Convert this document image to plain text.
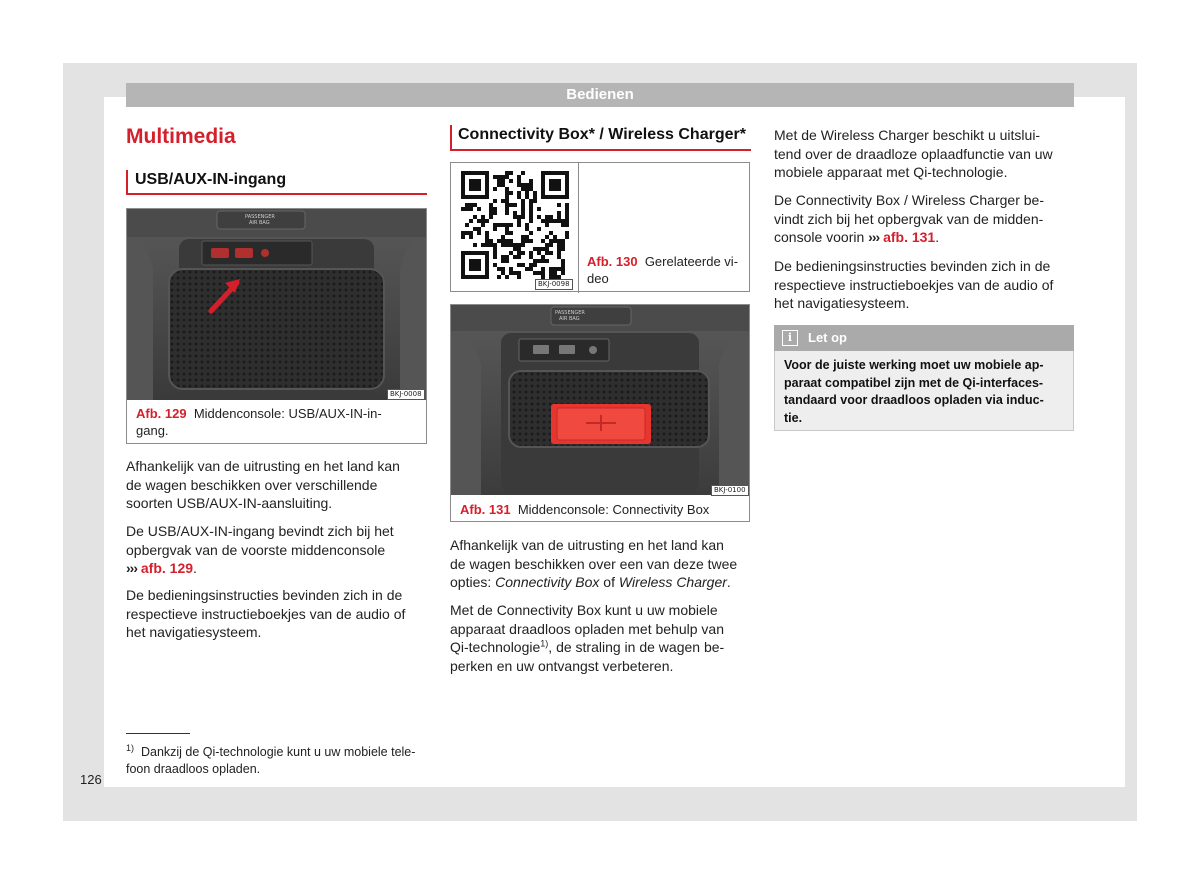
Bedienen
Multimedia
USB/AUX-IN-ingang
PASSENGER
AIR BAG
BKJ-0008
Afb. 129 Middenconsole: USB/AUX-IN-in-
gang.
Afhankelijk van de uitrusting en het land kan
de wagen beschikken over verschillende
soorten USB/AUX-IN-aansluiting.
De USB/AUX-IN-ingang bevindt zich bij het
opbergvak van de voorste middenconsole
››› afb. 129.
De bedieningsinstructies bevinden zich in de
respectieve instructieboekjes van de audio of
het navigatiesysteem.
Connectivity Box* / Wireless Charger*
BKJ-0098
Afb. 130 Gerelateerde vi-
deo
PASSENGER
AIR BAG
BKJ-0100
Afb. 131 Middenconsole: Connectivity Box
Afhankelijk van de uitrusting en het land kan
de wagen beschikken over een van deze twee
opties: Connectivity Box of Wireless Charger.
Met de Connectivity Box kunt u uw mobiele
apparaat draadloos opladen met behulp van
Qi-technologie$^{1)}$, de straling in de wagen be-
perken en uw ontvangst verbeteren.
Met de Wireless Charger beschikt u uitslui-
tend over de draadloze oplaadfunctie van uw
mobiele apparaat met Qi-technologie.
De Connectivity Box / Wireless Charger be-
vindt zich bij het opbergvak van de midden-
console voorin ››› afb. 131.
De bedieningsinstructies bevinden zich in de
respectieve instructieboekjes van de audio of
het navigatiesysteem.
Let op
i
Voor de juiste werking moet uw mobiele ap-
paraat compatibel zijn met de Qi-interfaces-
tandaard voor draadloos opladen via induc-
tie.
$^{1)}$ Dankzij de Qi-technologie kunt u uw mobiele tele-
foon draadloos opladen.
126
